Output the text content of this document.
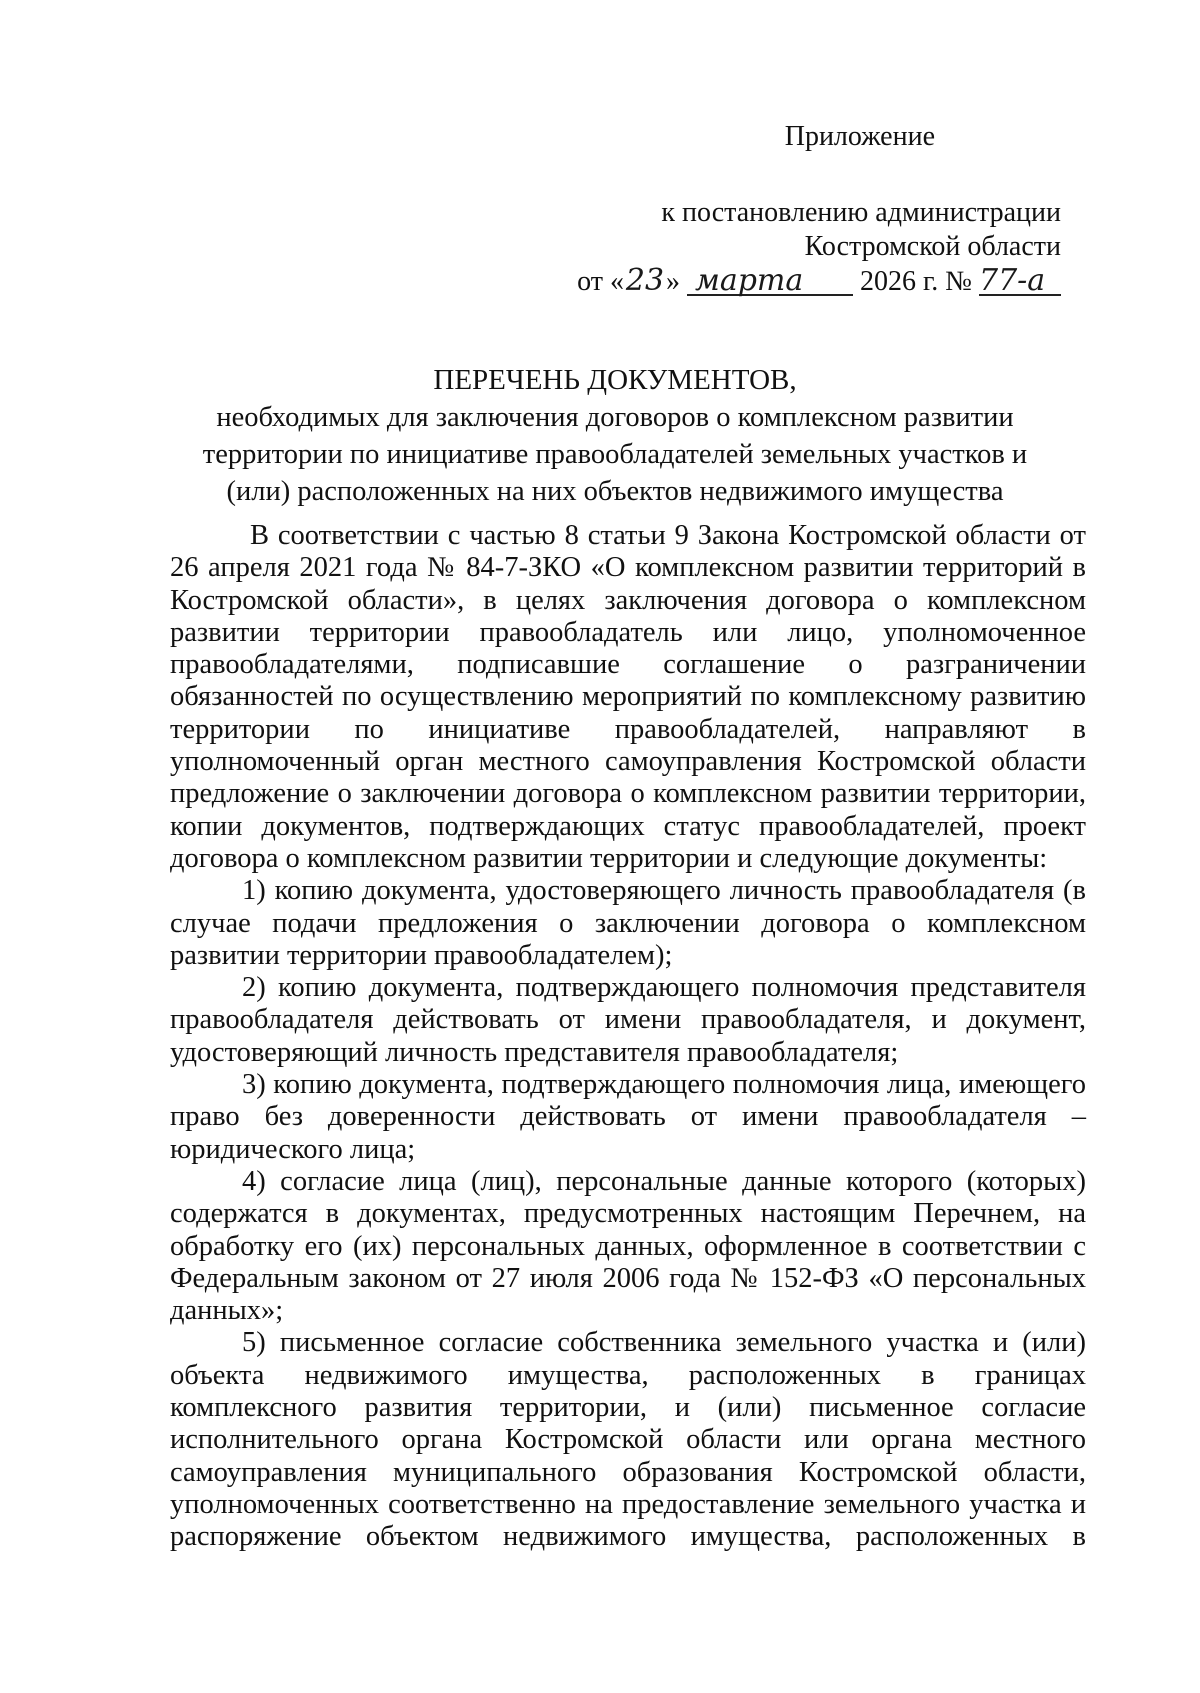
Приложение
к постановлению администрации
Костромской области
от «23» марта 2026 г. № 77-а
ПЕРЕЧЕНЬ ДОКУМЕНТОВ,
необходимых для заключения договоров о комплексном развитии территории по инициативе правообладателей земельных участков и (или) расположенных на них объектов недвижимого имущества

В соответствии с частью 8 статьи 9 Закона Костромской области от 26 апреля 2021 года № 84-7-ЗКО «О комплексном развитии территорий в Костромской области», в целях заключения договора о комплексном развитии территории правообладатель или лицо, уполномоченное правообладателями, подписавшие соглашение о разграничении обязанностей по осуществлению мероприятий по комплексному развитию территории по инициативе правообладателей, направляют в уполномоченный орган местного самоуправления Костромской области предложение о заключении договора о комплексном развитии территории, копии документов, подтверждающих статус правообладателей, проект договора о комплексном развитии территории и следующие документы:

1) копию документа, удостоверяющего личность правообладателя (в случае подачи предложения о заключении договора о комплексном развитии территории правообладателем);

2) копию документа, подтверждающего полномочия представителя правообладателя действовать от имени правообладателя, и документ, удостоверяющий личность представителя правообладателя;

3) копию документа, подтверждающего полномочия лица, имеющего право без доверенности действовать от имени правообладателя – юридического лица;

4) согласие лица (лиц), персональные данные которого (которых) содержатся в документах, предусмотренных настоящим Перечнем, на обработку его (их) персональных данных, оформленное в соответствии с Федеральным законом от 27 июля 2006 года № 152-ФЗ «О персональных данных»;

5) письменное согласие собственника земельного участка и (или) объекта недвижимого имущества, расположенных в границах комплексного развития территории, и (или) письменное согласие исполнительного органа Костромской области или органа местного самоуправления муниципального образования Костромской области, уполномоченных соответственно на предоставление земельного участка и распоряжение объектом недвижимого имущества, расположенных в
